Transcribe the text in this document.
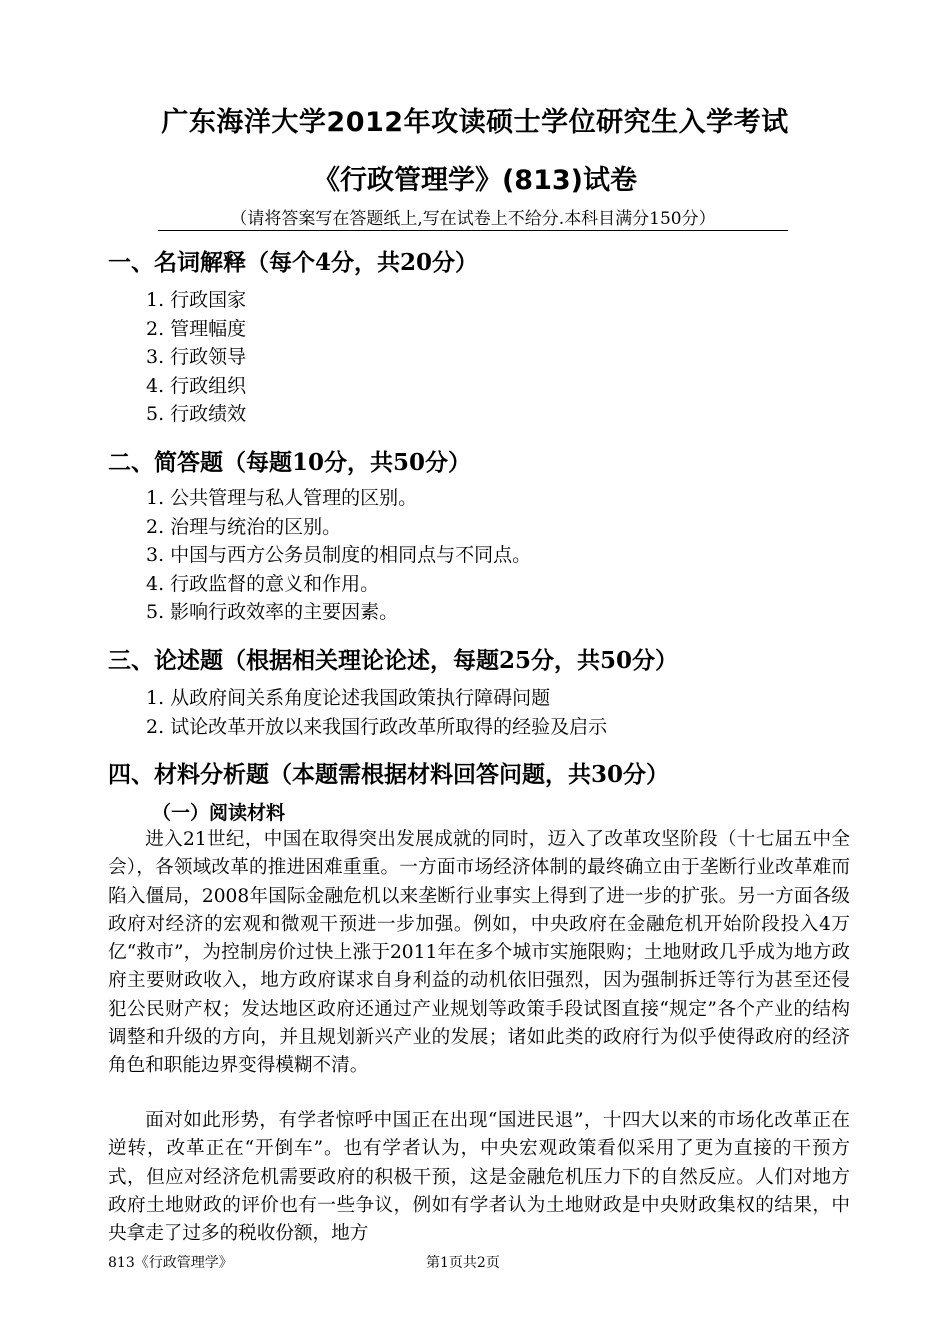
广东海洋大学2012年攻读硕士学位研究生入学考试
《行政管理学》(813)试卷
（请将答案写在答题纸上,写在试卷上不给分.本科目满分150分）
一、名词解释（每个4分，共20分）
1. 行政国家
2. 管理幅度
3. 行政领导
4. 行政组织
5. 行政绩效
二、简答题（每题10分，共50分）
1. 公共管理与私人管理的区别。
2. 治理与统治的区别。
3. 中国与西方公务员制度的相同点与不同点。
4. 行政监督的意义和作用。
5. 影响行政效率的主要因素。
三、论述题（根据相关理论论述，每题25分，共50分）
1. 从政府间关系角度论述我国政策执行障碍问题
2. 试论改革开放以来我国行政改革所取得的经验及启示
四、材料分析题（本题需根据材料回答问题，共30分）
（一）阅读材料
进入21世纪，中国在取得突出发展成就的同时，迈入了改革攻坚阶段（十七届五中全会），各领域改革的推进困难重重。一方面市场经济体制的最终确立由于垄断行业改革难而陷入僵局，2008年国际金融危机以来垄断行业事实上得到了进一步的扩张。另一方面各级政府对经济的宏观和微观干预进一步加强。例如，中央政府在金融危机开始阶段投入4万亿“救市”，为控制房价过快上涨于2011年在多个城市实施限购；土地财政几乎成为地方政府主要财政收入，地方政府谋求自身利益的动机依旧强烈，因为强制拆迁等行为甚至还侵犯公民财产权；发达地区政府还通过产业规划等政策手段试图直接“规定”各个产业的结构调整和升级的方向，并且规划新兴产业的发展；诸如此类的政府行为似乎使得政府的经济角色和职能边界变得模糊不清。
面对如此形势，有学者惊呼中国正在出现“国进民退”，十四大以来的市场化改革正在逆转，改革正在“开倒车”。也有学者认为，中央宏观政策看似采用了更为直接的干预方式，但应对经济危机需要政府的积极干预，这是金融危机压力下的自然反应。人们对地方政府土地财政的评价也有一些争议，例如有学者认为土地财政是中央财政集权的结果，中央拿走了过多的税收份额，地方
813《行政管理学》	第1页共2页
